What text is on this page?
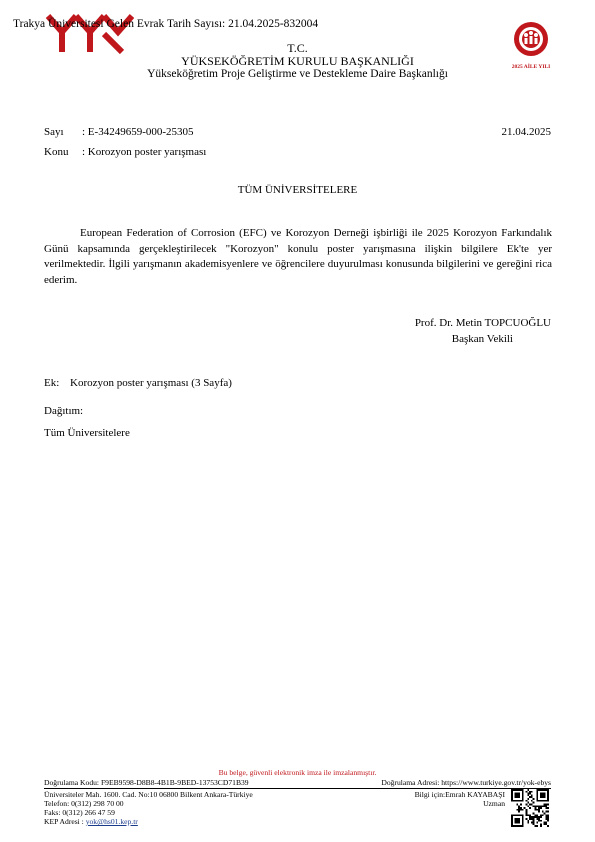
Trakya Üniversitesi Gelen Evrak Tarih Sayısı: 21.04.2025-832004
T.C.
YÜKSEKÖĞRETİM KURULU BAŞKANLIĞI
Yükseköğretim Proje Geliştirme ve Destekleme Daire Başkanlığı
2025 AİLE YILI
Sayı : E-34249659-000-25305	21.04.2025
Konu : Korozyon poster yarışması
TÜM ÜNİVERSİTELERE
European Federation of Corrosion (EFC) ve Korozyon Derneği işbirliği ile 2025 Korozyon Farkındalık Günü kapsamında gerçekleştirilecek "Korozyon" konulu poster yarışmasına ilişkin bilgilere Ek'te yer verilmektedir. İlgili yarışmanın akademisyenlere ve öğrencilere duyurulması konusunda bilgilerini ve gereğini rica ederim.
Prof. Dr. Metin TOPCUOĞLU
Başkan Vekili
Ek: Korozyon poster yarışması (3 Sayfa)
Dağıtım:
Tüm Üniversitelere
Bu belge, güvenli elektronik imza ile imzalanmıştır.
Doğrulama Kodu: F9EB9598-D8B8-4B1B-9BED-13753CD71B39	Doğrulama Adresi: https://www.turkiye.gov.tr/yok-ebys
Üniversiteler Mah. 1600. Cad. No:10 06800 Bilkent Ankara-Türkiye
Telefon: 0(312) 298 70 00
Faks: 0(312) 266 47 59
KEP Adresi : yok@hs01.kep.tr
Bilgi için:Emrah KAYABAŞI
Uzman
